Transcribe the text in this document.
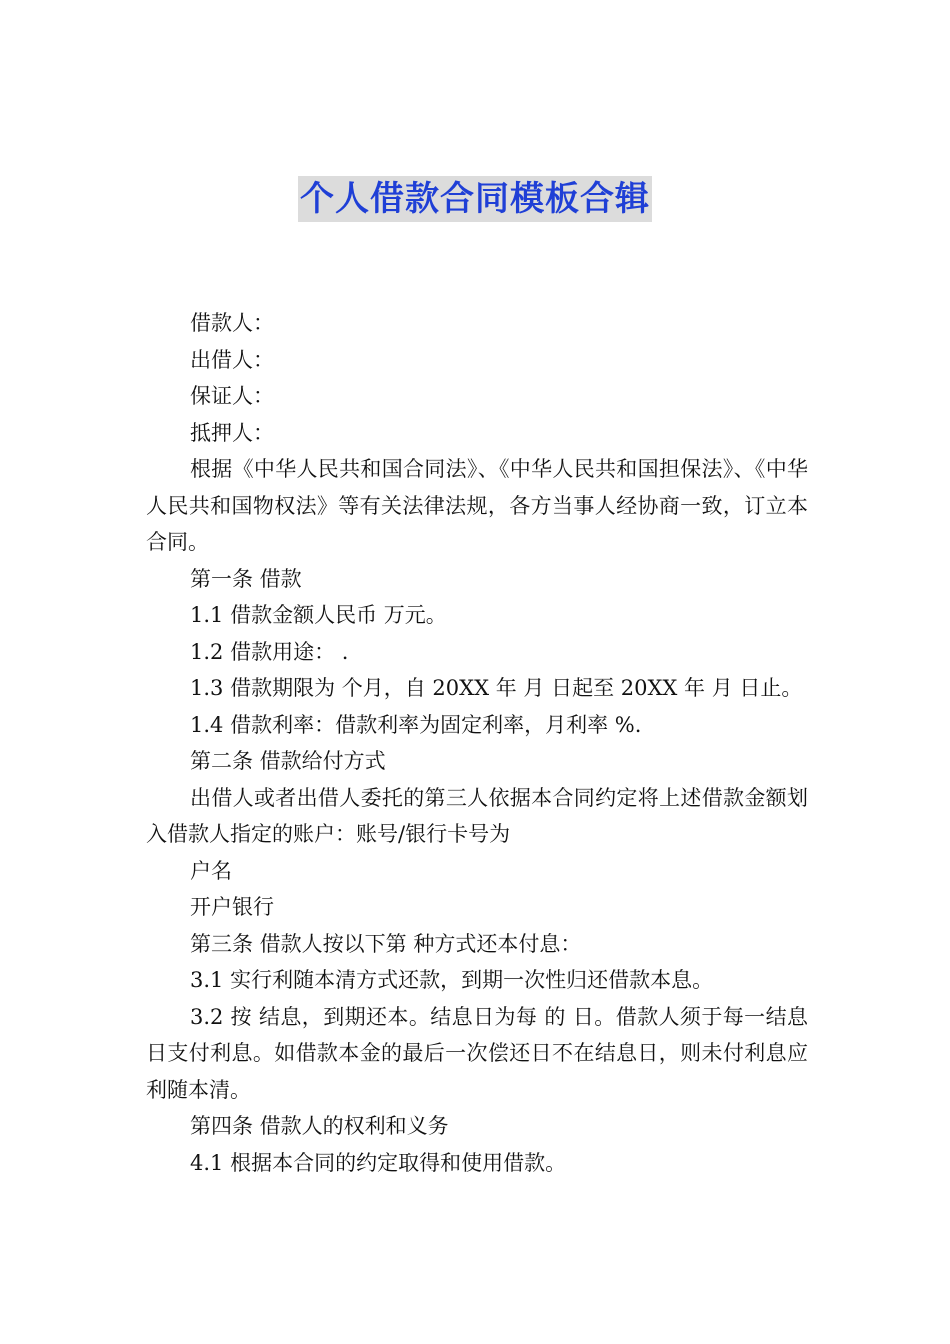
个人借款合同模板合辑

借款人：

出借人：

保证人：

抵押人：

根据《中华人民共和国合同法》、《中华人民共和国担保法》、《中华人民共和国物权法》等有关法律法规，各方当事人经协商一致，订立本合同。

第一条 借款

1.1 借款金额人民币 万元。

1.2 借款用途： .

1.3 借款期限为 个月，自 20XX 年 月 日起至 20XX 年 月 日止。

1.4 借款利率：借款利率为固定利率，月利率 %.

第二条 借款给付方式

出借人或者出借人委托的第三人依据本合同约定将上述借款金额划入借款人指定的账户：账号/银行卡号为

户名

开户银行

第三条 借款人按以下第 种方式还本付息：

3.1 实行利随本清方式还款，到期一次性归还借款本息。

3.2 按 结息，到期还本。结息日为每 的 日。借款人须于每一结息日支付利息。如借款本金的最后一次偿还日不在结息日，则未付利息应利随本清。

第四条 借款人的权利和义务

4.1 根据本合同的约定取得和使用借款。
